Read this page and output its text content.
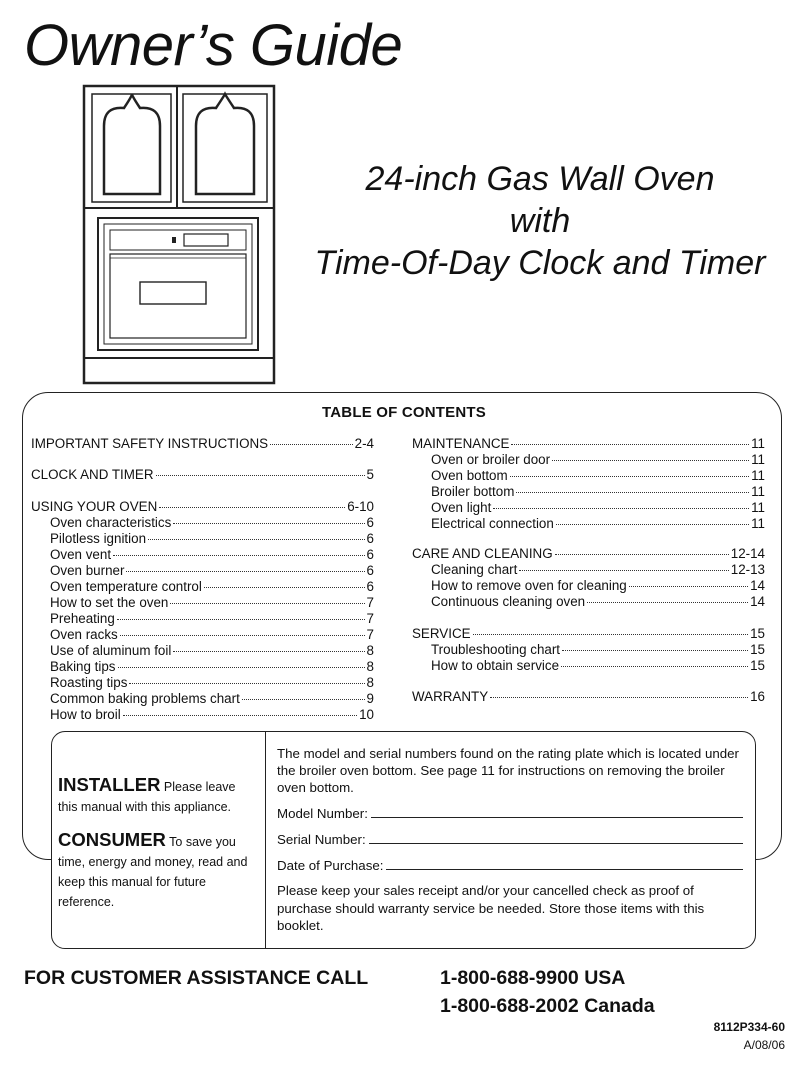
Owner’s Guide
24-inch Gas Wall Oven
with
Time-Of-Day Clock and Timer
TABLE OF CONTENTS
IMPORTANT SAFETY INSTRUCTIONS	2-4
CLOCK AND TIMER	5
USING YOUR OVEN	6-10
Oven characteristics	6
Pilotless ignition	6
Oven vent	6
Oven burner	6
Oven temperature control	6
How to set the oven	7
Preheating	7
Oven racks	7
Use of aluminum foil	8
Baking tips	8
Roasting tips	8
Common baking problems chart	9
How to broil	10
MAINTENANCE	11
Oven or broiler door	11
Oven bottom	11
Broiler bottom	11
Oven light	11
Electrical connection	11
CARE AND CLEANING	12-14
Cleaning chart	12-13
How to remove oven for cleaning	14
Continuous cleaning oven	14
SERVICE	15
Troubleshooting chart	15
How to obtain service	15
WARRANTY	16
INSTALLER Please leave
this manual with this appliance.
CONSUMER To save you time, energy and money, read and keep this manual for future reference.
The model and serial numbers found on the rating plate which is located under the broiler oven bottom. See page 11 for instructions on removing the broiler oven bottom.
Model Number:
Serial Number:
Date of Purchase:
Please keep your sales receipt and/or your cancelled check as proof of purchase should warranty service be needed. Store those items with this booklet.
FOR CUSTOMER ASSISTANCE CALL	1-800-688-9900 USA
1-800-688-2002 Canada
8112P334-60
A/08/06
